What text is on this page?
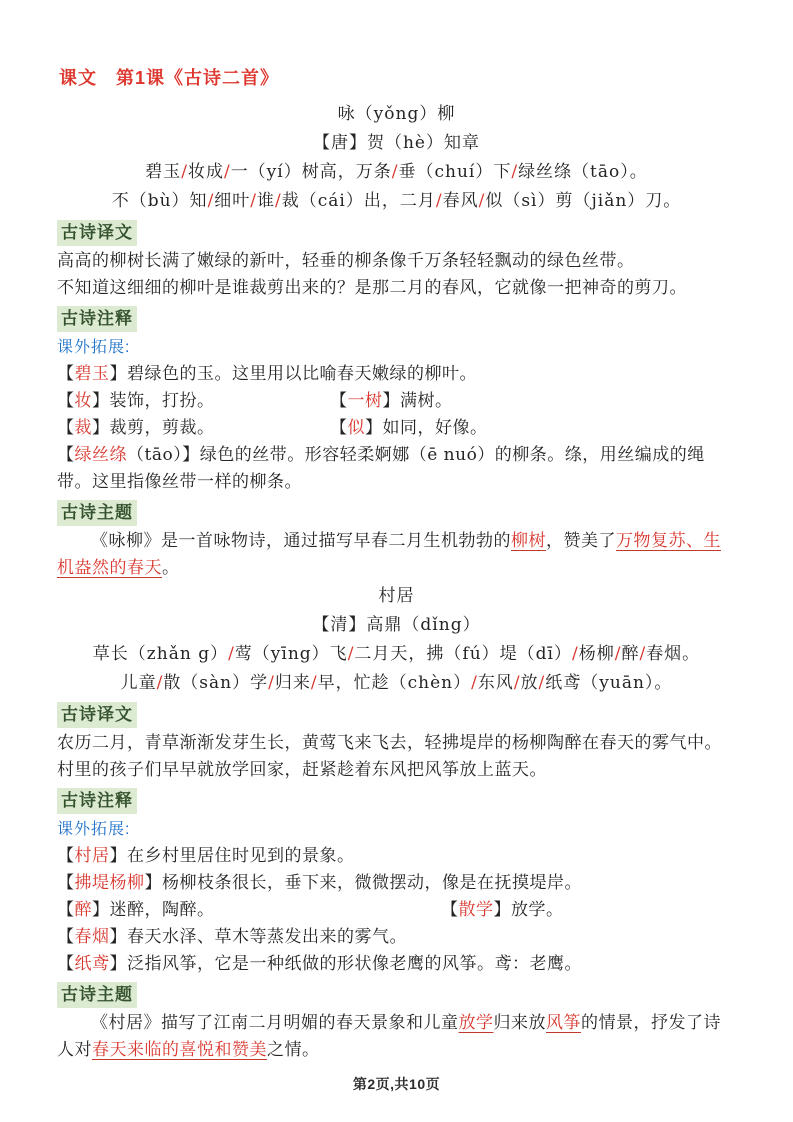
课文　第1课《古诗二首》
咏（yǒng）柳
【唐】贺（hè）知章
碧玉/妆成/一（yí）树高，万条/垂（chuí）下/绿丝绦（tāo）。
不（bù）知/细叶/谁/裁（cái）出，二月/春风/似（sì）剪（jiǎn）刀。
古诗译文

高高的柳树长满了嫩绿的新叶，轻垂的柳条像千万条轻轻飘动的绿色丝带。

不知道这细细的柳叶是谁裁剪出来的？是那二月的春风，它就像一把神奇的剪刀。

古诗注释
课外拓展:

【碧玉】碧绿色的玉。这里用以比喻春天嫩绿的柳叶。

【妆】装饰，打扮。	【一树】满树。

【裁】裁剪，剪裁。	【似】如同，好像。

【绿丝绦（tāo）】绿色的丝带。形容轻柔婀娜（ē nuó）的柳条。绦，用丝编成的绳带。这里指像丝带一样的柳条。

古诗主题

《咏柳》是一首咏物诗，通过描写早春二月生机勃勃的柳树，赞美了万物复苏、生机盎然的春天。

村居
【清】高鼎（dǐng）
草长（zhǎn g）/莺（yīng）飞/二月天，拂（fú）堤（dī）/杨柳/醉/春烟。
儿童/散（sàn）学/归来/早，忙趁（chèn）/东风/放/纸鸢（yuān）。
古诗译文

农历二月，青草渐渐发芽生长，黄莺飞来飞去，轻拂堤岸的杨柳陶醉在春天的雾气中。

村里的孩子们早早就放学回家，赶紧趁着东风把风筝放上蓝天。

古诗注释
课外拓展:

【村居】在乡村里居住时见到的景象。

【拂堤杨柳】杨柳枝条很长，垂下来，微微摆动，像是在抚摸堤岸。

【醉】迷醉，陶醉。	【散学】放学。

【春烟】春天水泽、草木等蒸发出来的雾气。

【纸鸢】泛指风筝，它是一种纸做的形状像老鹰的风筝。鸢：老鹰。

古诗主题

《村居》描写了江南二月明媚的春天景象和儿童放学归来放风筝的情景，抒发了诗人对春天来临的喜悦和赞美之情。

第2页,共10页
